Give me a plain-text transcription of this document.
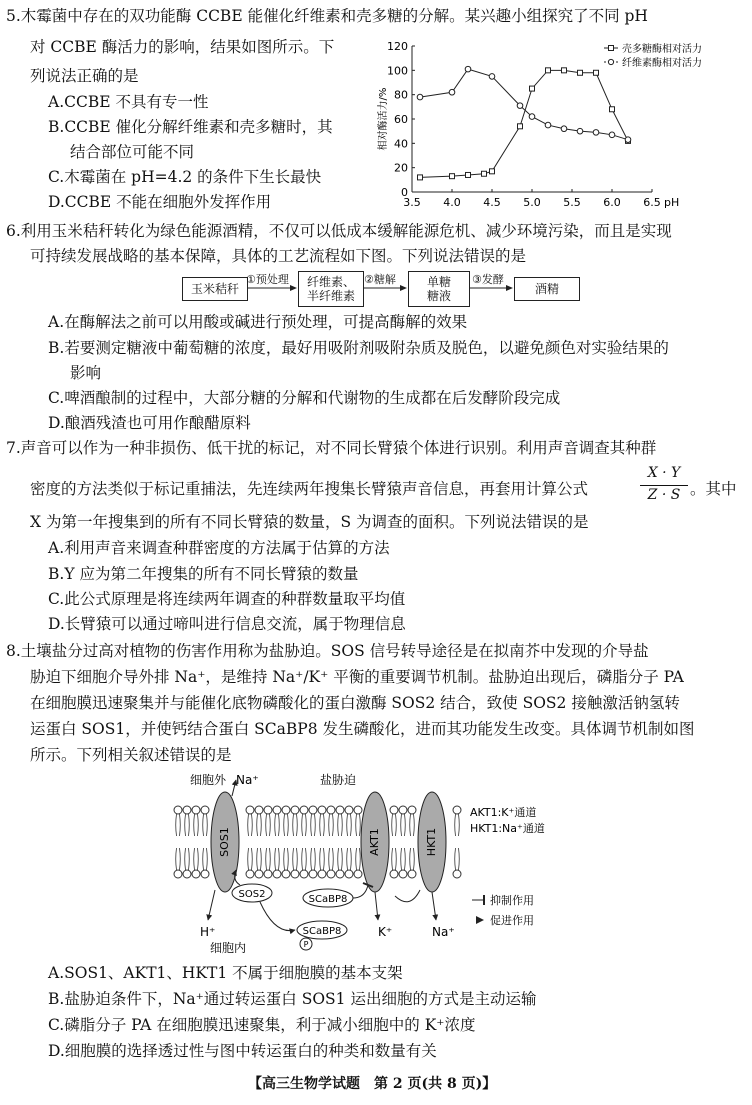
5.木霉菌中存在的双功能酶 CCBE 能催化纤维素和壳多糖的分解。某兴趣小组探究了不同 pH
对 CCBE 酶活力的影响，结果如图所示。下
列说法正确的是
A.CCBE 不具有专一性
B.CCBE 催化分解纤维素和壳多糖时，其
结合部位可能不同
C.木霉菌在 pH=4.2 的条件下生长最快
D.CCBE 不能在细胞外发挥作用	3.5 4.0 4.5 5.0 5.5 6.0 6.5 pH
0
20
40
60
80
100
120
相对酶活力/%
壳多糖酶相对活力
纤维素酶相对活力
6.利用玉米秸秆转化为绿色能源酒精，不仅可以低成本缓解能源危机、减少环境污染，而且是实现
可持续发展战略的基本保障，具体的工艺流程如下图。下列说法错误的是
玉米秸秆	纤维素、
半纤维素
单糖
糖液	酒精
①预处理	②糖解	③发酵
A.在酶解法之前可以用酸或碱进行预处理，可提高酶解的效果
B.若要测定糖液中葡萄糖的浓度，最好用吸附剂吸附杂质及脱色，以避免颜色对实验结果的
影响
C.啤酒酿制的过程中，大部分糖的分解和代谢物的生成都在后发酵阶段完成
D.酿酒残渣也可用作酿醋原料
7.声音可以作为一种非损伤、低干扰的标记，对不同长臂猿个体进行识别。利用声音调查其种群
密度的方法类似于标记重捕法，先连续两年搜集长臂猿声音信息，再套用计算公式
X · Y
Z · S 。其中
X 为第一年搜集到的所有不同长臂猿的数量，S 为调查的面积。下列说法错误的是
A.利用声音来调查种群密度的方法属于估算的方法
B.Y 应为第二年搜集的所有不同长臂猿的数量
C.此公式原理是将连续两年调查的种群数量取平均值
D.长臂猿可以通过啼叫进行信息交流，属于物理信息
8.土壤盐分过高对植物的伤害作用称为盐胁迫。SOS 信号转导途径是在拟南芥中发现的介导盐
胁迫下细胞介导外排 Na⁺，是维持 Na⁺/K⁺ 平衡的重要调节机制。盐胁迫出现后，磷脂分子 PA
在细胞膜迅速聚集并与能催化底物磷酸化的蛋白激酶 SOS2 结合，致使 SOS2 接触激活钠氢转
运蛋白 SOS1，并使钙结合蛋白 SCaBP8 发生磷酸化，进而其功能发生改变。具体调节机制如图
所示。下列相关叙述错误的是
SOS1	AKT1	HKT1
细胞外 Na⁺	盐胁迫
H⁺
细胞内
K⁺	Na⁺
SOS2	SCaBP8
SCaBP8
P
AKT1:K⁺通道
HKT1:Na⁺通道
抑制作用
促进作用
A.SOS1、AKT1、HKT1 不属于细胞膜的基本支架
B.盐胁迫条件下，Na⁺通过转运蛋白 SOS1 运出细胞的方式是主动运输
C.磷脂分子 PA 在细胞膜迅速聚集，利于减小细胞中的 K⁺浓度
D.细胞膜的选择透过性与图中转运蛋白的种类和数量有关
【高三生物学试题　第 2 页(共 8 页)】
